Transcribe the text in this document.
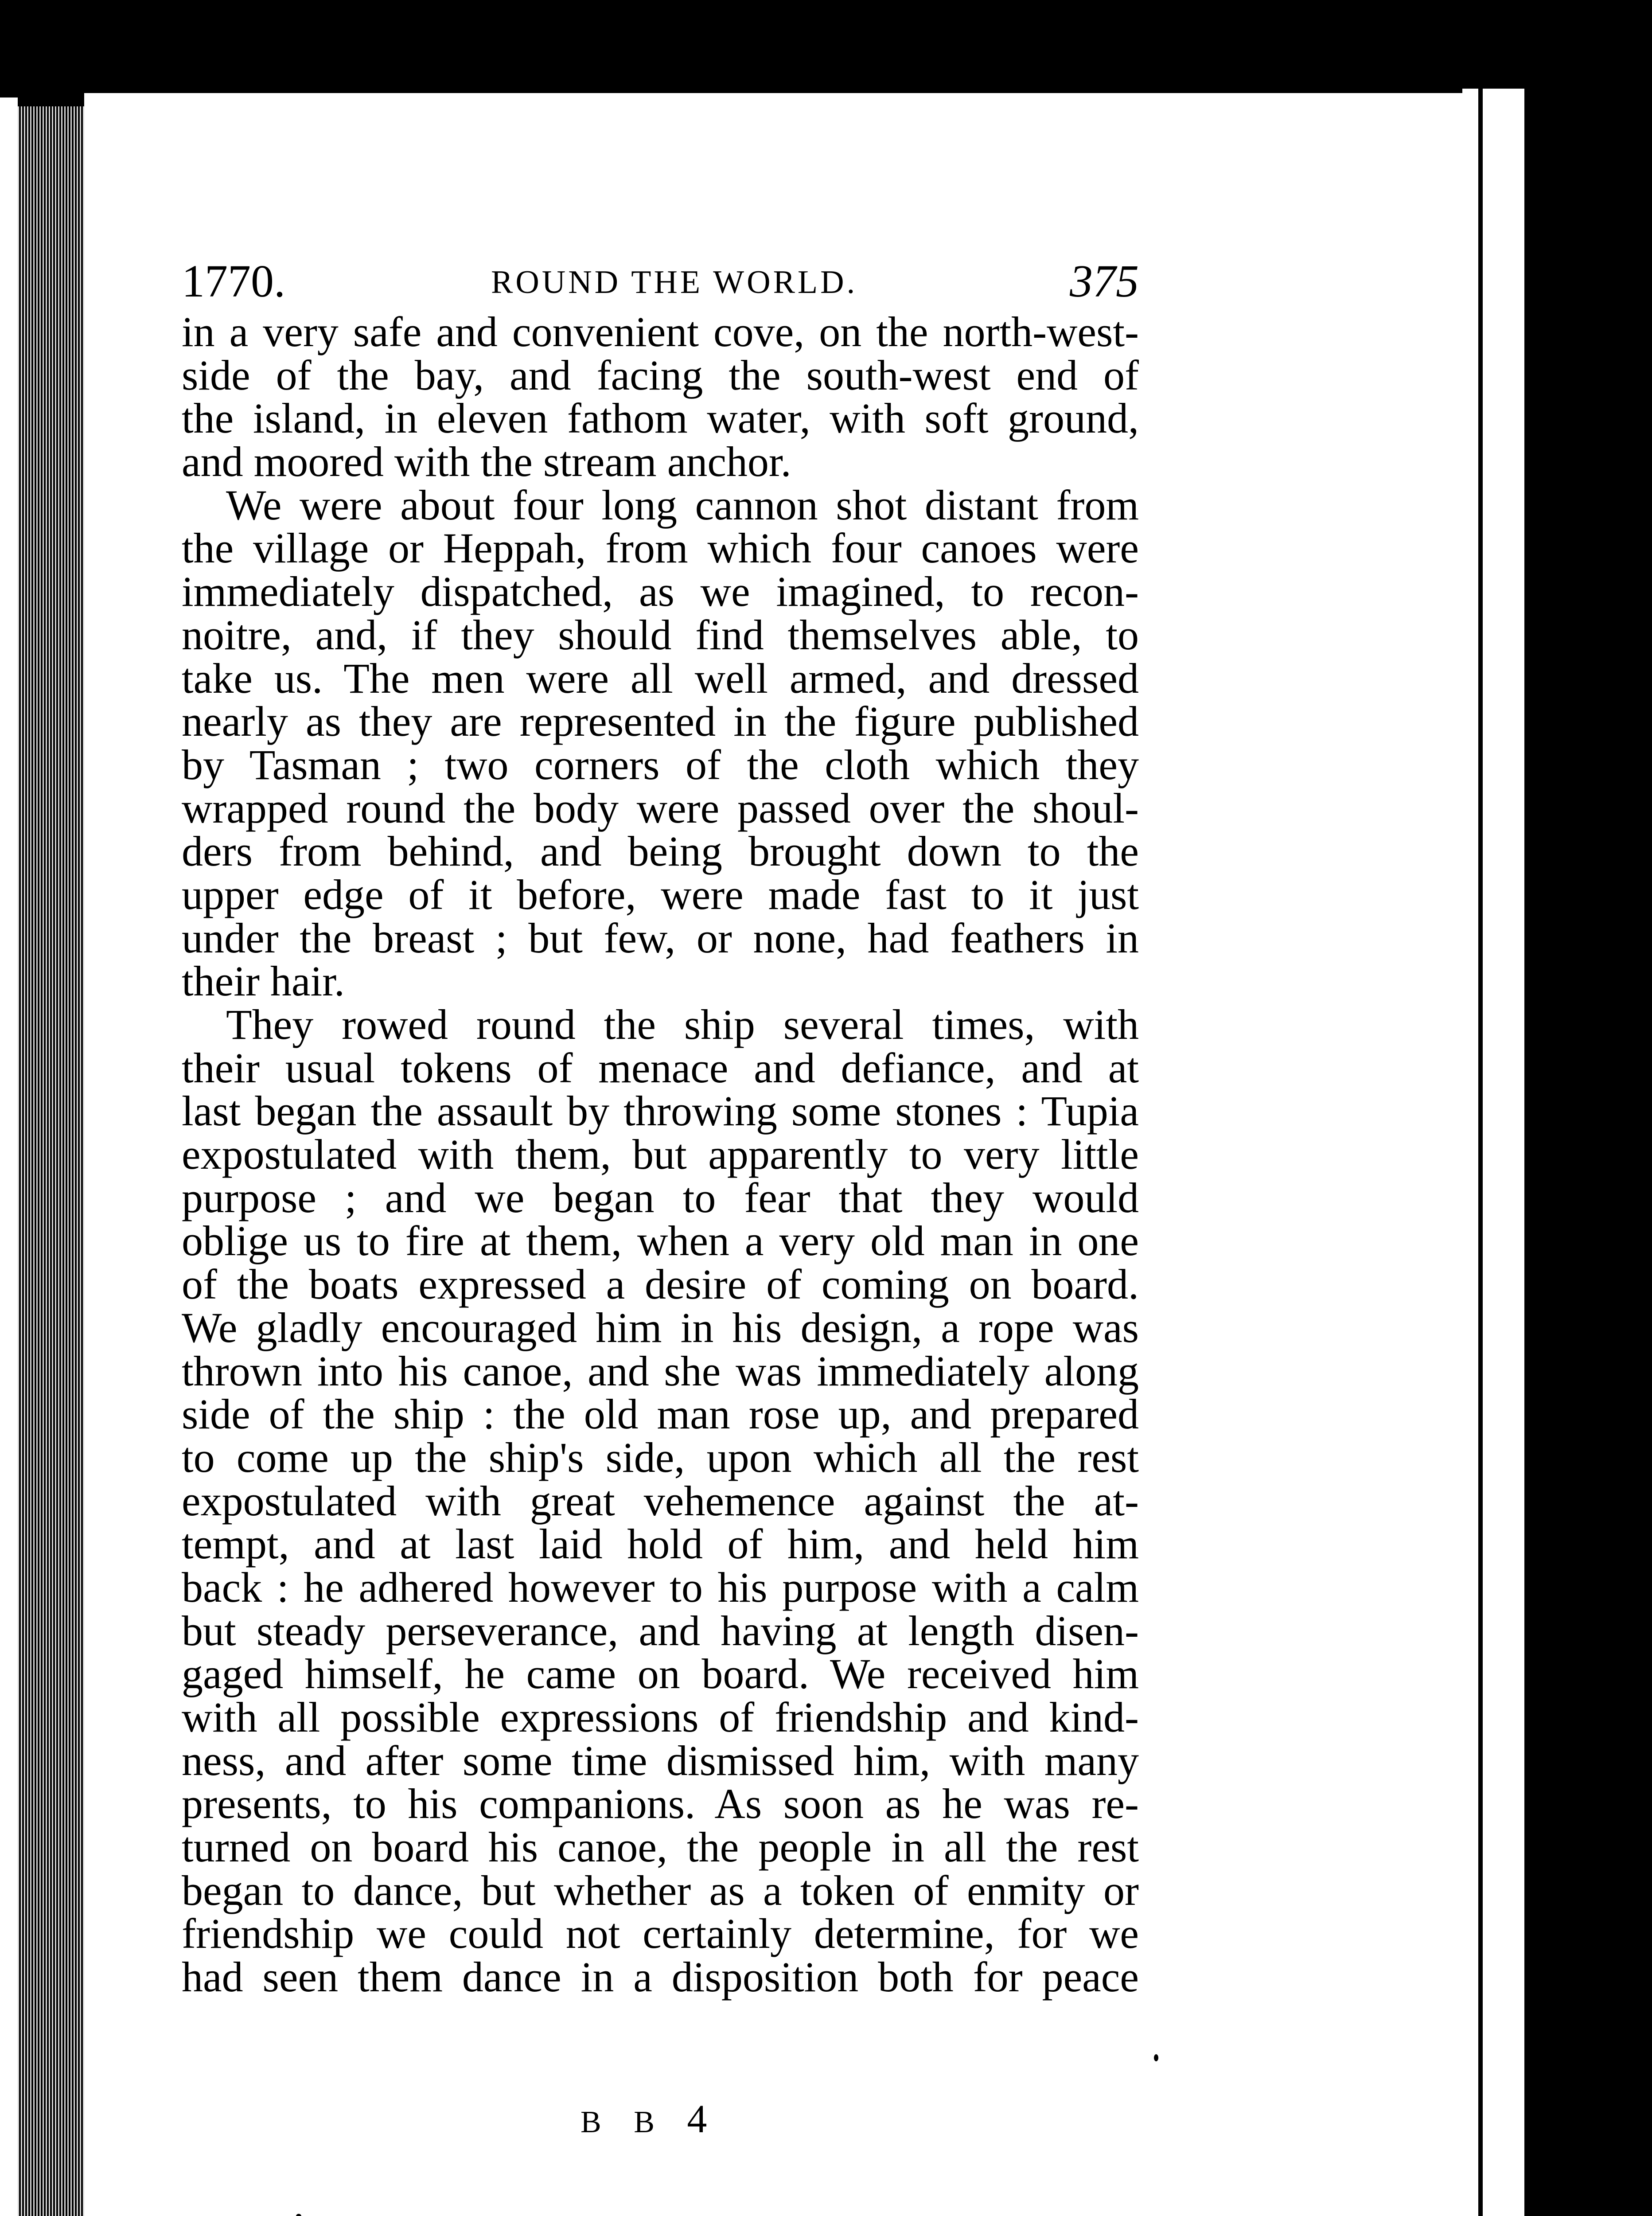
1770.	ROUND THE WORLD.	375
in a very safe and convenient cove, on the north-west-
side of the bay, and facing the south-west end of
the island, in eleven fathom water, with soft ground,
and moored with the stream anchor.
We were about four long cannon shot distant from
the village or Heppah, from which four canoes were
immediately dispatched, as we imagined, to recon-
noitre, and, if they should find themselves able, to
take us. The men were all well armed, and dressed
nearly as they are represented in the figure published
by Tasman ; two corners of the cloth which they
wrapped round the body were passed over the shoul-
ders from behind, and being brought down to the
upper edge of it before, were made fast to it just
under the breast ; but few, or none, had feathers in
their hair.
They rowed round the ship several times, with
their usual tokens of menace and defiance, and at
last began the assault by throwing some stones : Tupia
expostulated with them, but apparently to very little
purpose ; and we began to fear that they would
oblige us to fire at them, when a very old man in one
of the boats expressed a desire of coming on board.
We gladly encouraged him in his design, a rope was
thrown into his canoe, and she was immediately along
side of the ship : the old man rose up, and prepared
to come up the ship's side, upon which all the rest
expostulated with great vehemence against the at-
tempt, and at last laid hold of him, and held him
back : he adhered however to his purpose with a calm
but steady perseverance, and having at length disen-
gaged himself, he came on board. We received him
with all possible expressions of friendship and kind-
ness, and after some time dismissed him, with many
presents, to his companions. As soon as he was re-
turned on board his canoe, the people in all the rest
began to dance, but whether as a token of enmity or
friendship we could not certainly determine, for we
had seen them dance in a disposition both for peace
B B 4
